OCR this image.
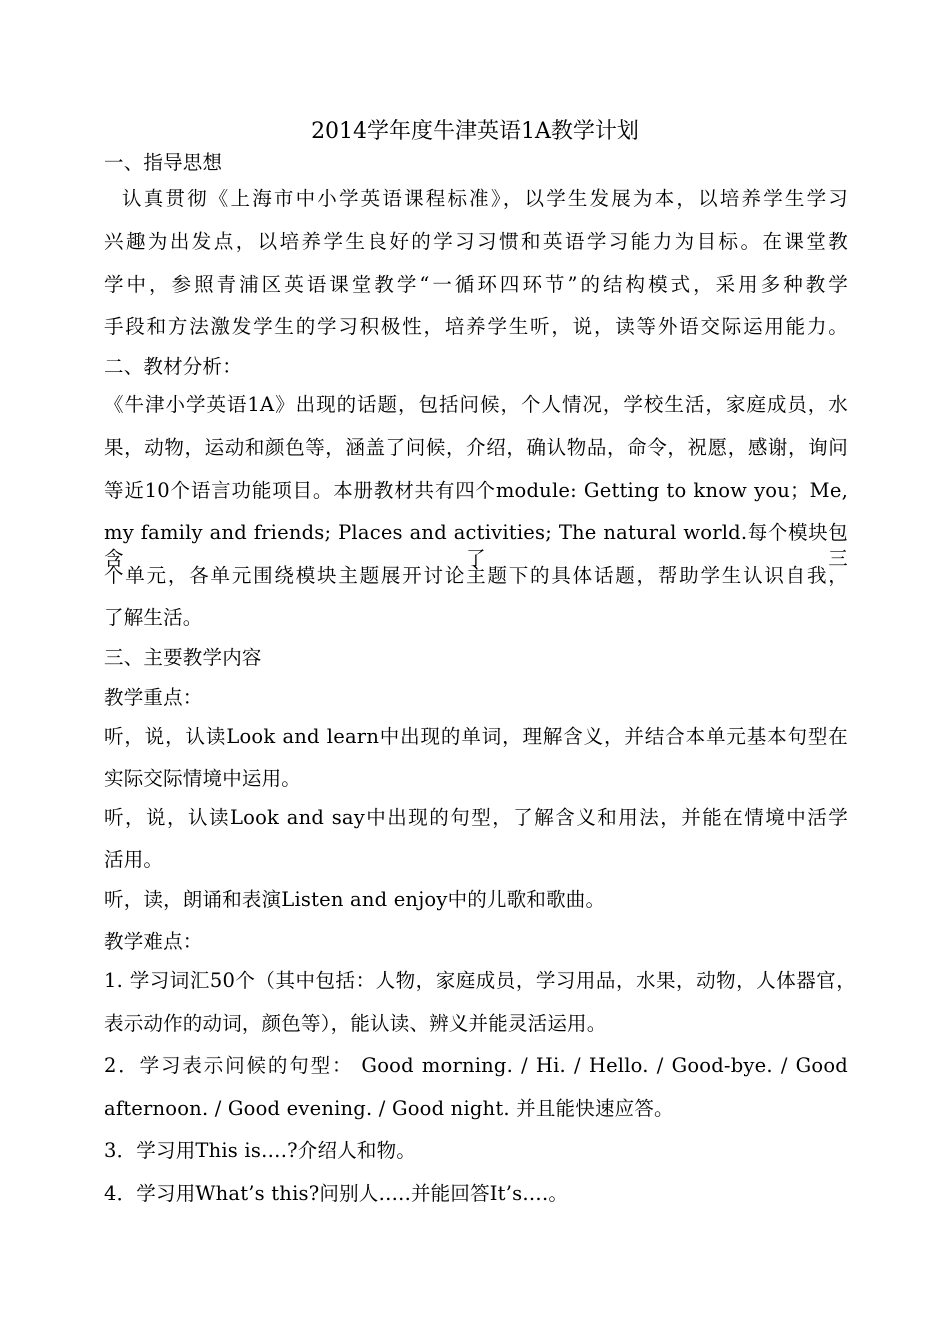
2014学年度牛津英语1A教学计划
一、指导思想
认真贯彻《上海市中小学英语课程标准》，以学生发展为本，以培养学生学习
兴趣为出发点，以培养学生良好的学习习惯和英语学习能力为目标。在课堂教
学中，参照青浦区英语课堂教学“一循环四环节”的结构模式，采用多种教学
手段和方法激发学生的学习积极性，培养学生听，说，读等外语交际运用能力。
二、教材分析：
《牛津小学英语1A》出现的话题，包括问候，个人情况，学校生活，家庭成员，水
果，动物，运动和颜色等，涵盖了问候，介绍，确认物品，命令，祝愿，感谢，询问
等近10个语言功能项目。本册教材共有四个module: Getting to know you；Me,
my family and friends; Places and activities; The natural world.每个模块包含了三
个单元，各单元围绕模块主题展开讨论主题下的具体话题，帮助学生认识自我，
了解生活。
三、主要教学内容
教学重点：
听，说，认读Look and learn中出现的单词，理解含义，并结合本单元基本句型在
实际交际情境中运用。
听，说，认读Look and say中出现的句型，了解含义和用法，并能在情境中活学
活用。
听，读，朗诵和表演Listen and enjoy中的儿歌和歌曲。
教学难点：
1. 学习词汇50个（其中包括：人物，家庭成员，学习用品，水果，动物，人体器官，
表示动作的动词，颜色等），能认读、辨义并能灵活运用。
2．学习表示问候的句型： Good morning. / Hi. / Hello. / Good-bye. / Good
afternoon. / Good evening. / Good night. 并且能快速应答。
3．学习用This is….?介绍人和物。
4．学习用What’s this?问别人…..并能回答It’s….。
